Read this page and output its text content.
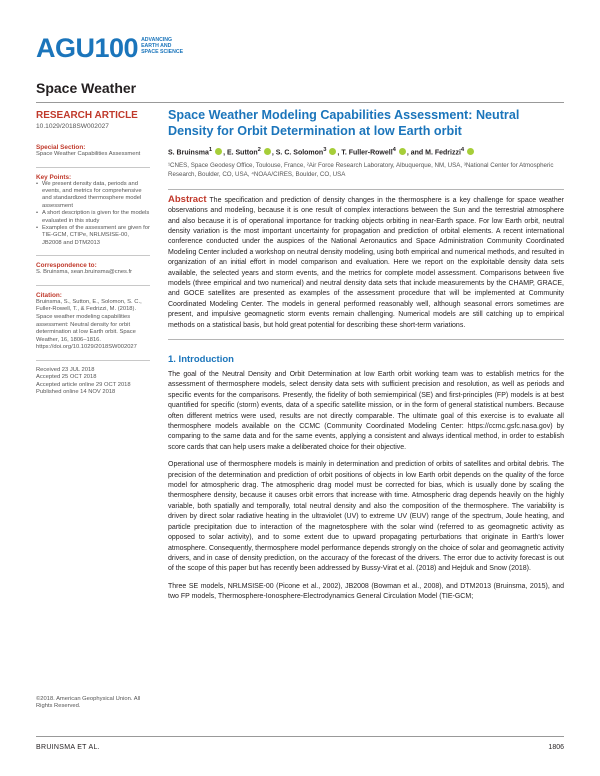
AGU100 ADVANCING
EARTH AND
SPACE SCIENCE
Space Weather
RESEARCH ARTICLE
10.1029/2018SW002027
Special Section:
Space Weather Capabilities Assessment
Key Points:
• We present density data, periods and events, and metrics for comprehensive and standardized thermosphere model assessment
• A short description is given for the models evaluated in this study
• Examples of the assessment are given for TIE-GCM, CTIPe, NRLMSISE-00, JB2008 and DTM2013
Correspondence to:
S. Bruinsma, sean.bruinsma@cnes.fr
Citation:
Bruinsma, S., Sutton, E., Solomon, S. C., Fuller-Rowell, T., & Fedrizzi, M. (2018). Space weather modeling capabilities assessment: Neutral density for orbit determination at low Earth orbit. Space Weather, 16, 1806–1816. https://doi.org/10.1029/2018SW002027

Received 23 JUL 2018

Accepted 25 OCT 2018

Accepted article online 29 OCT 2018

Published online 14 NOV 2018

©2018. American Geophysical Union. All Rights Reserved.
Space Weather Modeling Capabilities Assessment: Neutral Density for Orbit Determination at low Earth orbit
S. Bruinsma$^1$ , E. Sutton$^2$ , S. C. Solomon$^3$ , T. Fuller-Rowell$^4$ , and M. Fedrizzi$^4$
¹CNES, Space Geodesy Office, Toulouse, France, ²Air Force Research Laboratory, Albuquerque, NM, USA, ³National Center for Atmospheric Research, Boulder, CO, USA, ⁴NOAA/CIRES, Boulder, CO, USA
Abstract The specification and prediction of density changes in the thermosphere is a key challenge for space weather observations and modeling, because it is one result of complex interactions between the Sun and the terrestrial atmosphere and also because it is of operational importance for tracking objects orbiting in near-Earth space. For low Earth orbit, neutral density variation is the most important uncertainty for propagation and prediction of orbital elements. A recent international conference conducted under the auspices of the National Aeronautics and Space Administration Community Coordinated Modeling Center included a workshop on neutral density modeling, using both empirical and numerical methods, and resulted in organization of an initial effort in model comparison and evaluation. Here we report on the exploitable density data sets available, the selected years and storm events, and the metrics for complete model assessment. Comparisons between five models (three empirical and two numerical) and neutral density data sets that include measurements by the CHAMP, GRACE, and GOCE satellites are presented as examples of the assessment procedure that will be implemented at Community Coordinated Modeling Center. The models in general performed reasonably well, although seasonal errors sometimes are present, and impulsive geomagnetic storm events remain challenging. Numerical models are still catching up to empirical methods on a statistical basis, but hold great potential for describing these short-term variations.
1. Introduction

The goal of the Neutral Density and Orbit Determination at low Earth orbit working team was to establish metrics for the assessment of thermosphere models, select density data sets with sufficient precision and resolution, as well as periods and specific events for the comparisons. Presently, the fidelity of both semiempirical (SE) and first-principles (FP) models is at best quantified for specific (storm) events, data of a specific satellite mission, or in the form of general statistical numbers. Because often different metrics were used, results are not directly comparable. The ultimate goal of this exercise is to evaluate all thermosphere models available on the CCMC (Community Coordinated Modeling Center: https://ccmc.gsfc.nasa.gov) by comparing to the same data and for the same events, applying a consistent and always identical method, in order to establish score cards that can help users make a deliberated choice for their objective.

Operational use of thermosphere models is mainly in determination and prediction of orbits of satellites and orbital debris. The precision of the determination and prediction of orbit positions of objects in low Earth orbit depends on the quality of the force model for atmospheric drag. The atmospheric drag model must be corrected for bias, which is usually done by scaling the thermosphere density, because it causes orbit errors that increase with time. Atmospheric drag depends heavily on the highly variable, both spatially and temporally, total neutral density and also the composition of the thermosphere. The variability is driven by direct solar radiative heating in the ultraviolet (UV) to extreme UV (EUV) range of the spectrum, Joule heating, and particle precipitation due to interaction of the magnetosphere with the solar wind (referred to as geomagnetic activity as opposed to solar activity), and to some extent due to upward propagating perturbations that originate in Earth's lower atmosphere. Consequently, thermosphere model performance depends strongly on the choice of solar and geomagnetic activity drivers, and in case of density prediction, on the accuracy of the forecast of the drivers. The error due to activity forecast is out of the scope of this paper but has recently been addressed by Bussy-Virat et al. (2018) and Hejduk and Snow (2018).

Three SE models, NRLMSISE-00 (Picone et al., 2002), JB2008 (Bowman et al., 2008), and DTM2013 (Bruinsma, 2015), and two FP models, Thermosphere-Ionosphere-Electrodynamics General Circulation Model (TIE-GCM;

BRUINSMA ET AL.	1806
